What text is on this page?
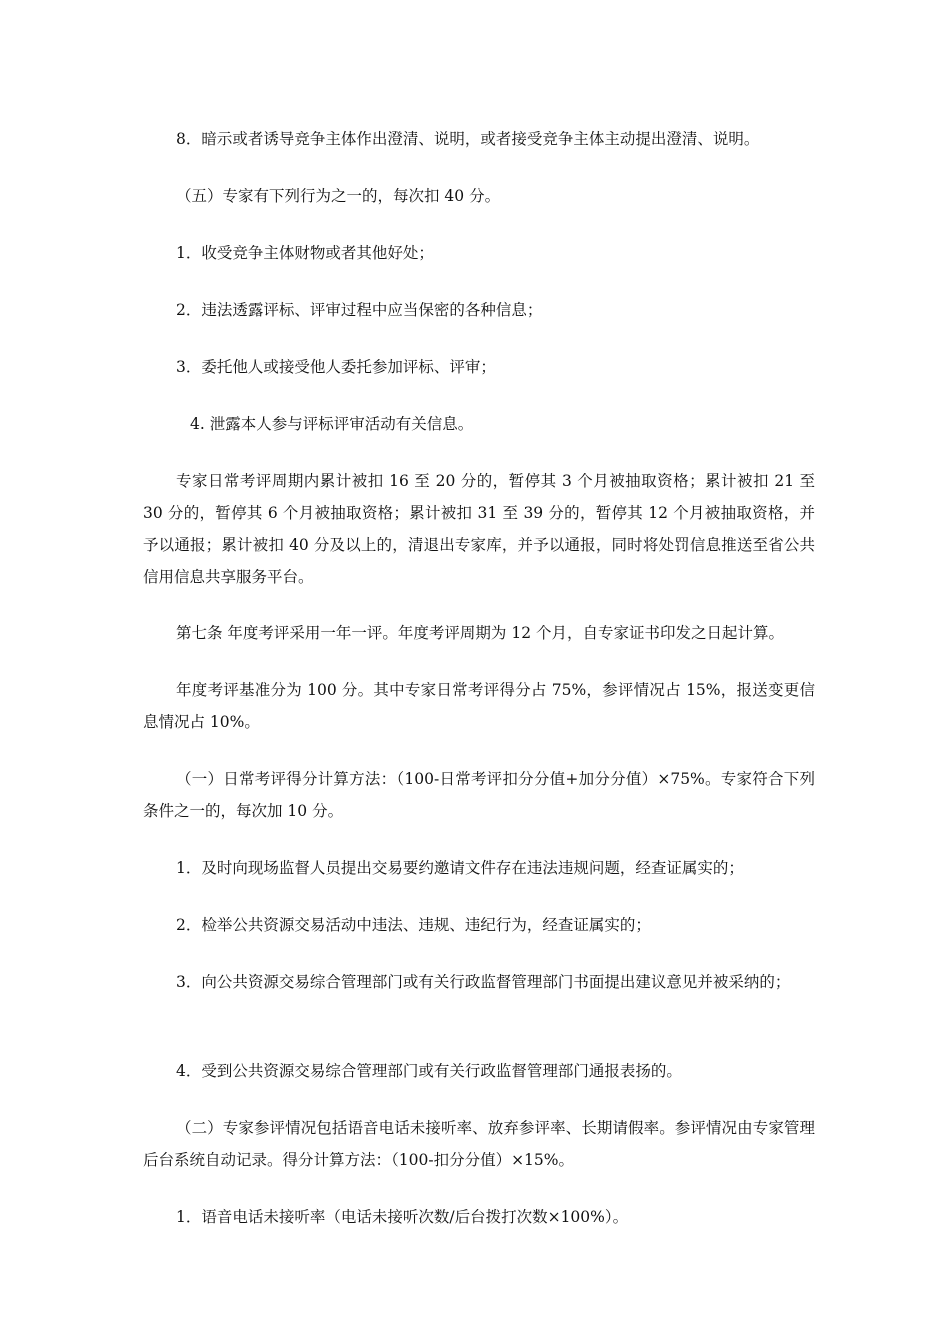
8．暗示或者诱导竞争主体作出澄清、说明，或者接受竞争主体主动提出澄清、说明。

（五）专家有下列行为之一的，每次扣 40 分。

1．收受竞争主体财物或者其他好处；

2．违法透露评标、评审过程中应当保密的各种信息；

3．委托他人或接受他人委托参加评标、评审；

4. 泄露本人参与评标评审活动有关信息。

专家日常考评周期内累计被扣 16 至 20 分的，暂停其 3 个月被抽取资格；累计被扣 21 至 30 分的，暂停其 6 个月被抽取资格；累计被扣 31 至 39 分的，暂停其 12 个月被抽取资格，并予以通报；累计被扣 40 分及以上的，清退出专家库，并予以通报，同时将处罚信息推送至省公共信用信息共享服务平台。

第七条 年度考评采用一年一评。年度考评周期为 12 个月，自专家证书印发之日起计算。

年度考评基准分为 100 分。其中专家日常考评得分占 75%，参评情况占 15%，报送变更信息情况占 10%。

（一）日常考评得分计算方法：（100-日常考评扣分分值+加分分值）×75%。专家符合下列条件之一的，每次加 10 分。

1．及时向现场监督人员提出交易要约邀请文件存在违法违规问题，经查证属实的；

2．检举公共资源交易活动中违法、违规、违纪行为，经查证属实的；

3．向公共资源交易综合管理部门或有关行政监督管理部门书面提出建议意见并被采纳的；

4．受到公共资源交易综合管理部门或有关行政监督管理部门通报表扬的。

（二）专家参评情况包括语音电话未接听率、放弃参评率、长期请假率。参评情况由专家管理后台系统自动记录。得分计算方法：（100-扣分分值）×15%。

1．语音电话未接听率（电话未接听次数/后台拨打次数×100%）。
